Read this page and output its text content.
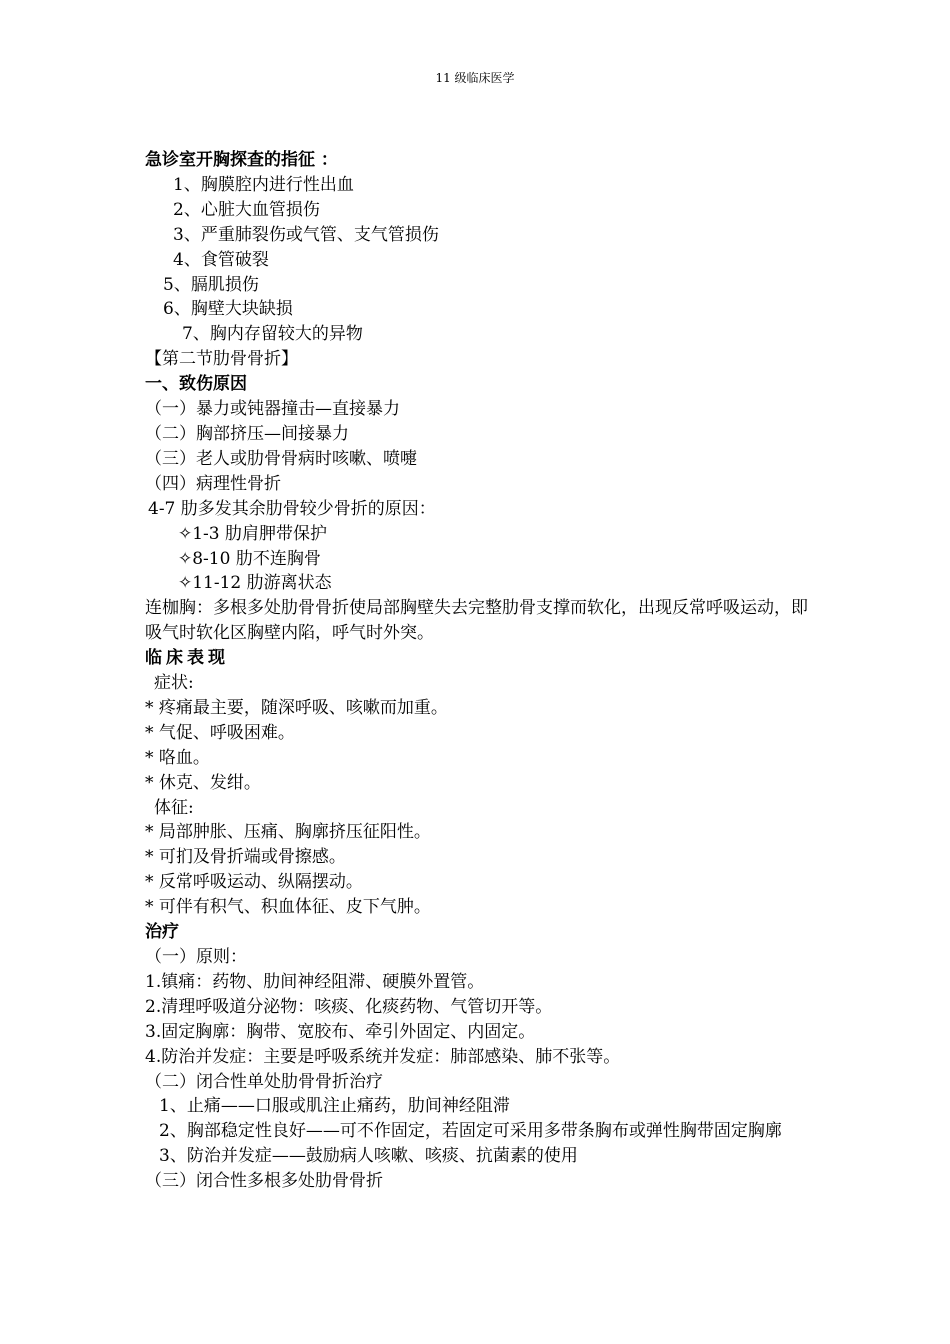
11 级临床医学
急诊室开胸探查的指征 ：
1、胸膜腔内进行性出血
2、心脏大血管损伤
3、严重肺裂伤或气管、支气管损伤
4、食管破裂
5、膈肌损伤
6、胸壁大块缺损
7、胸内存留较大的异物
【第二节肋骨骨折】
一、致伤原因
（一）暴力或钝器撞击—直接暴力
（二）胸部挤压—间接暴力
（三）老人或肋骨骨病时咳嗽、喷嚏
（四）病理性骨折
4-7 肋多发其余肋骨较少骨折的原因：
✧1-3 肋肩胛带保护
✧8-10 肋不连胸骨
✧11-12 肋游离状态
连枷胸：多根多处肋骨骨折使局部胸壁失去完整肋骨支撑而软化，出现反常呼吸运动，即吸气时软化区胸壁内陷，呼气时外突。
临床表现
症状:
* 疼痛最主要，随深呼吸、咳嗽而加重。
* 气促、呼吸困难。
* 咯血。
* 休克、发绀。
体征:
* 局部肿胀、压痛、胸廓挤压征阳性。
* 可扪及骨折端或骨擦感。
* 反常呼吸运动、纵隔摆动。
* 可伴有积气、积血体征、皮下气肿。
治疗
（一）原则：
1.镇痛：药物、肋间神经阻滞、硬膜外置管。
2.清理呼吸道分泌物：咳痰、化痰药物、气管切开等。
3.固定胸廓：胸带、宽胶布、牵引外固定、内固定。
4.防治并发症：主要是呼吸系统并发症：肺部感染、肺不张等。
（二）闭合性单处肋骨骨折治疗
1、止痛——口服或肌注止痛药，肋间神经阻滞
2、胸部稳定性良好——可不作固定，若固定可采用多带条胸布或弹性胸带固定胸廓
3、防治并发症——鼓励病人咳嗽、咳痰、抗菌素的使用
（三）闭合性多根多处肋骨骨折
